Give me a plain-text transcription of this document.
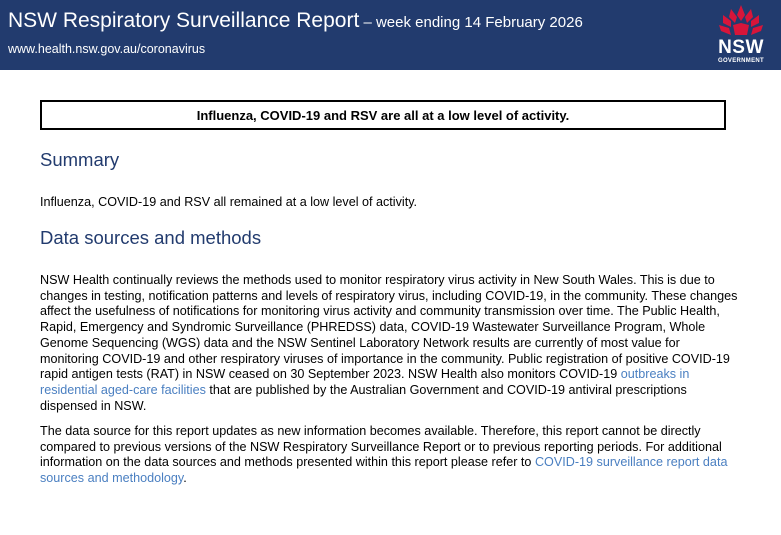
NSW Respiratory Surveillance Report – week ending 14 February 2026
www.health.nsw.gov.au/coronavirus	NSW
GOVERNMENT
Influenza, COVID-19 and RSV are all at a low level of activity.
Summary

Influenza, COVID-19 and RSV all remained at a low level of activity.

Data sources and methods

NSW Health continually reviews the methods used to monitor respiratory virus activity in New South Wales. This is due to changes in testing, notification patterns and levels of respiratory virus, including COVID-19, in the community. These changes affect the usefulness of notifications for monitoring virus activity and community transmission over time. The Public Health, Rapid, Emergency and Syndromic Surveillance (PHREDSS) data, COVID-19 Wastewater Surveillance Program, Whole Genome Sequencing (WGS) data and the NSW Sentinel Laboratory Network results are currently of most value for monitoring COVID-19 and other respiratory viruses of importance in the community. Public registration of positive COVID-19 rapid antigen tests (RAT) in NSW ceased on 30 September 2023. NSW Health also monitors COVID-19 outbreaks in residential aged-care facilities that are published by the Australian Government and COVID-19 antiviral prescriptions dispensed in NSW.

The data source for this report updates as new information becomes available. Therefore, this report cannot be directly compared to previous versions of the NSW Respiratory Surveillance Report or to previous reporting periods. For additional information on the data sources and methods presented within this report please refer to COVID-19 surveillance report data sources and methodology.
